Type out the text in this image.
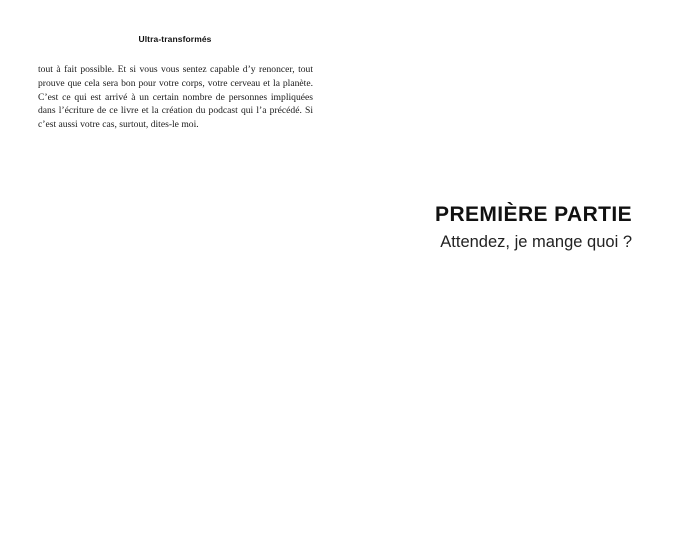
Ultra-transformés

tout à fait possible. Et si vous vous sentez capable d’y renoncer, tout prouve que cela sera bon pour votre corps, votre cerveau et la planète. C’est ce qui est arrivé à un certain nombre de personnes impliquées dans l’écriture de ce livre et la création du podcast qui l’a précédé. Si c’est aussi votre cas, surtout, dites-le moi.

PREMIÈRE PARTIE
Attendez, je mange quoi ?
